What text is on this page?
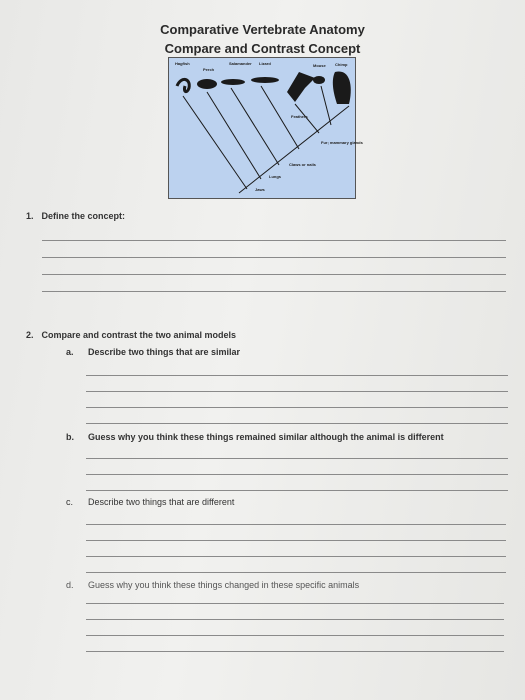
Comparative Vertebrate Anatomy
Compare and Contrast Concept
Hagfish
Perch
Salamander Lizard	Mouse Chimp
Jaws
Lungs
Claws or nails
Feathers
Fur; mammary glands
1. Define the concept:
2. Compare and contrast the two animal models
a. Describe two things that are similar
b. Guess why you think these things remained similar although the animal is different
c. Describe two things that are different
d. Guess why you think these things changed in these specific animals
